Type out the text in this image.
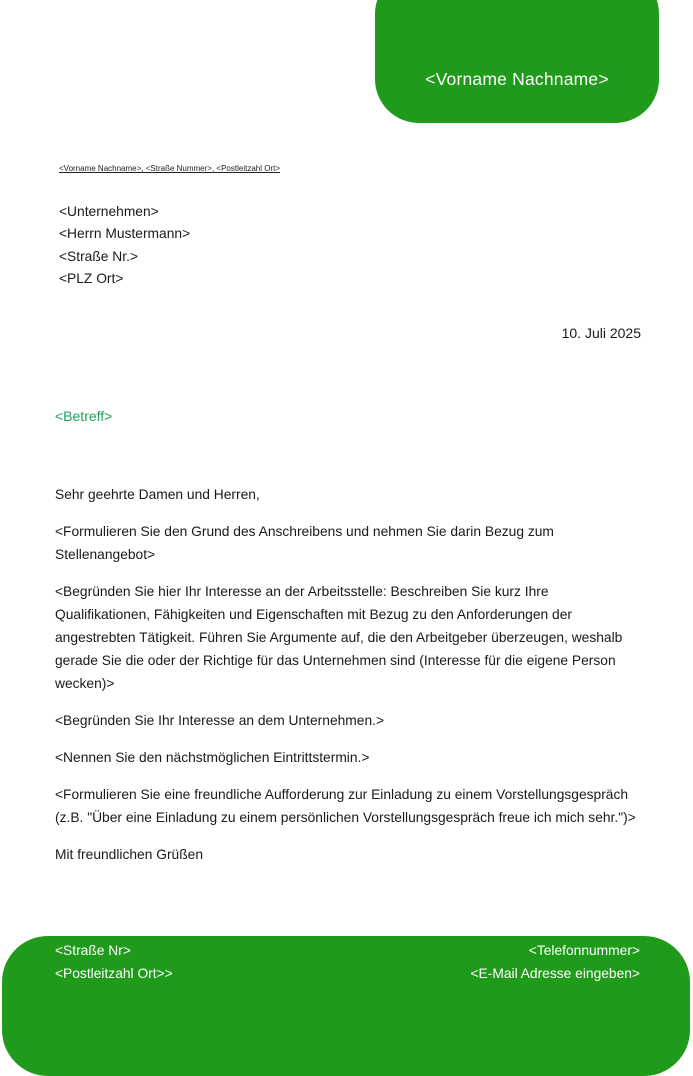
<Vorname Nachname>
<Vorname Nachname>, <Straße Nummer>, <Postleitzahl Ort>
<Unternehmen>
<Herrn Mustermann>
<Straße Nr.>
<PLZ Ort>
10. Juli 2025
<Betreff>

Sehr geehrte Damen und Herren,

<Formulieren Sie den Grund des Anschreibens und nehmen Sie darin Bezug zum Stellenangebot>

<Begründen Sie hier Ihr Interesse an der Arbeitsstelle: Beschreiben Sie kurz Ihre Qualifikationen, Fähigkeiten und Eigenschaften mit Bezug zu den Anforderungen der angestrebten Tätigkeit. Führen Sie Argumente auf, die den Arbeitgeber überzeugen, weshalb gerade Sie die oder der Richtige für das Unternehmen sind (Interesse für die eigene Person wecken)>

<Begründen Sie Ihr Interesse an dem Unternehmen.>

<Nennen Sie den nächstmöglichen Eintrittstermin.>

<Formulieren Sie eine freundliche Aufforderung zur Einladung zu einem Vorstellungsgespräch (z.B. "Über eine Einladung zu einem persönlichen Vorstellungsgespräch freue ich mich sehr.")>

Mit freundlichen Grüßen

<Straße Nr>
<Postleitzahl Ort>>
<Telefonnummer>
<E-Mail Adresse eingeben>
